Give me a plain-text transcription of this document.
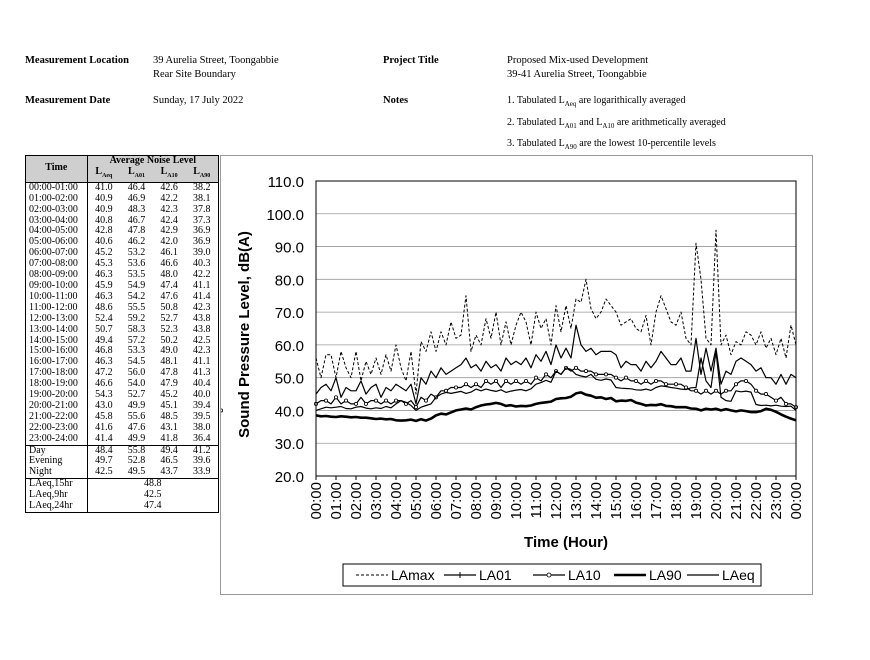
Measurement Location 39 Aurelia Street, Toongabbie
Rear Site Boundary
Measurement Date	Sunday, 17 July 2022
Project Title	Proposed Mix-used Development
39-41 Aurelia Street, Toongabbie
Notes	1. Tabulated $L_{Aeq}$ are logarithically averaged
2. Tabulated $L_{A01}$ and $L_{A10}$ are arithmetically averaged
3. Tabulated $L_{A90}$ are the lowest 10-percentile levels
Time	Average Noise Level			
	$L_{Aeq}$	$L_{A01}$	$L_{A10}$	$L_{A90}$
00:00-01:00	41.0	46.4	42.6	38.2
01:00-02:00	40.9	46.9	42.2	38.1
02:00-03:00	40.9	48.3	42.3	37.8
03:00-04:00	40.8	46.7	42.4	37.3
04:00-05:00	42.8	47.8	42.9	36.9
05:00-06:00	40.6	46.2	42.0	36.9
06:00-07:00	45.2	53.2	46.1	39.0
07:00-08:00	45.3	53.6	46.6	40.3
08:00-09:00	46.3	53.5	48.0	42.2
09:00-10:00	45.9	54.9	47.4	41.1
10:00-11:00	46.3	54.2	47.6	41.4
11:00-12:00	48.6	55.5	50.8	42.3
12:00-13:00	52.4	59.2	52.7	43.8
13:00-14:00	50.7	58.3	52.3	43.8
14:00-15:00	49.4	57.2	50.2	42.5
15:00-16:00	46.8	53.3	49.0	42.3
16:00-17:00	46.3	54.5	48.1	41.1
17:00-18:00	47.2	56.0	47.8	41.3
18:00-19:00	46.6	54.0	47.9	40.4
19:00-20:00	54.3	52.7	45.2	40.0
20:00-21:00	43.0	49.9	45.1	39.4
21:00-22:00	45.8	55.6	48.5	39.5
22:00-23:00	41.6	47.6	43.1	38.0
23:00-24:00	41.4	49.9	41.8	36.4
Day	48.4	55.8	49.4	41.2
Evening	49.7	52.8	46.5	39.6
Night	42.5	49.5	43.7	33.9
LAeq,15hr	48.8			
LAeq,9hr	42.5			
LAeq,24hr	47.4			
20.0
30.0
40.0
50.0
60.0
70.0
80.0
90.0
100.0
110.0
00:00 01:00 02:00 03:00 04:00 05:00 06:00 07:00 08:00 09:00 10:00 11:00 12:00 13:00 14:00 15:00 16:00 17:00 18:00 19:00 20:00 21:00 22:00 23:00 00:00
Sound Pressure Level, dB(A)
Time (Hour)
LAmax	LA01	LA10	LA90	LAeq
